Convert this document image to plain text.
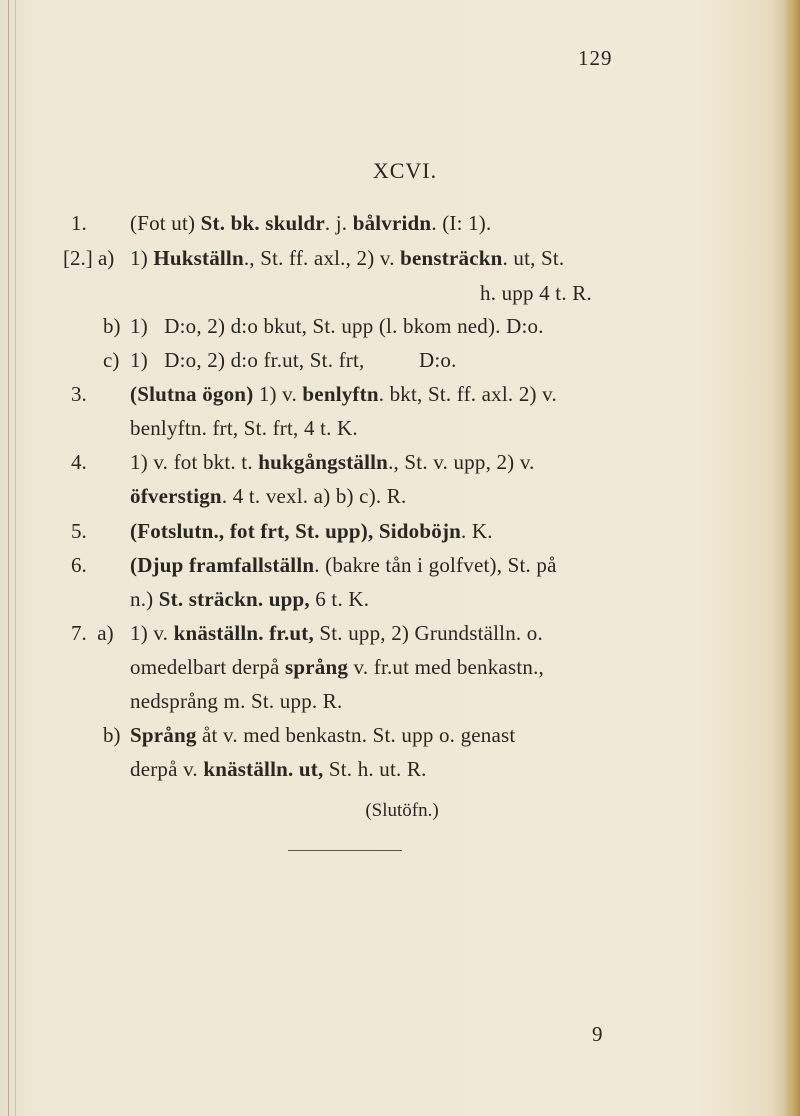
129
XCVI.
1. (Fot ut) St. bk. skuldr. j. bålvridn. (I: 1).
[2.] a) 1) Hukställn., St. ff. axl., 2) v. bensträckn. ut, St.
h. upp 4 t. R.
b) 1)   D:o, 2) d:o bkut, St. upp (l. bkom ned). D:o.
c) 1)   D:o, 2) d:o fr.ut, St. frt,          D:o.
3. (Slutna ögon) 1) v. benlyftn. bkt, St. ff. axl. 2) v.
benlyftn. frt, St. frt, 4 t. K.
4. 1) v. fot bkt. t. hukgångställn., St. v. upp, 2) v.
öfverstign. 4 t. vexl. a) b) c). R.
5. (Fotslutn., fot frt, St. upp), Sidoböjn. K.
6. (Djup framfallställn. (bakre tån i golfvet), St. på
n.) St. sträckn. upp, 6 t. K.
7.  a) 1) v. knäställn. fr.ut, St. upp, 2) Grundställn. o.
omedelbart derpå språng v. fr.ut med benkastn.,
nedsprång m. St. upp. R.
b) Språng åt v. med benkastn. St. upp o. genast
derpå v. knäställn. ut, St. h. ut. R.
(Slutöfn.)
9
